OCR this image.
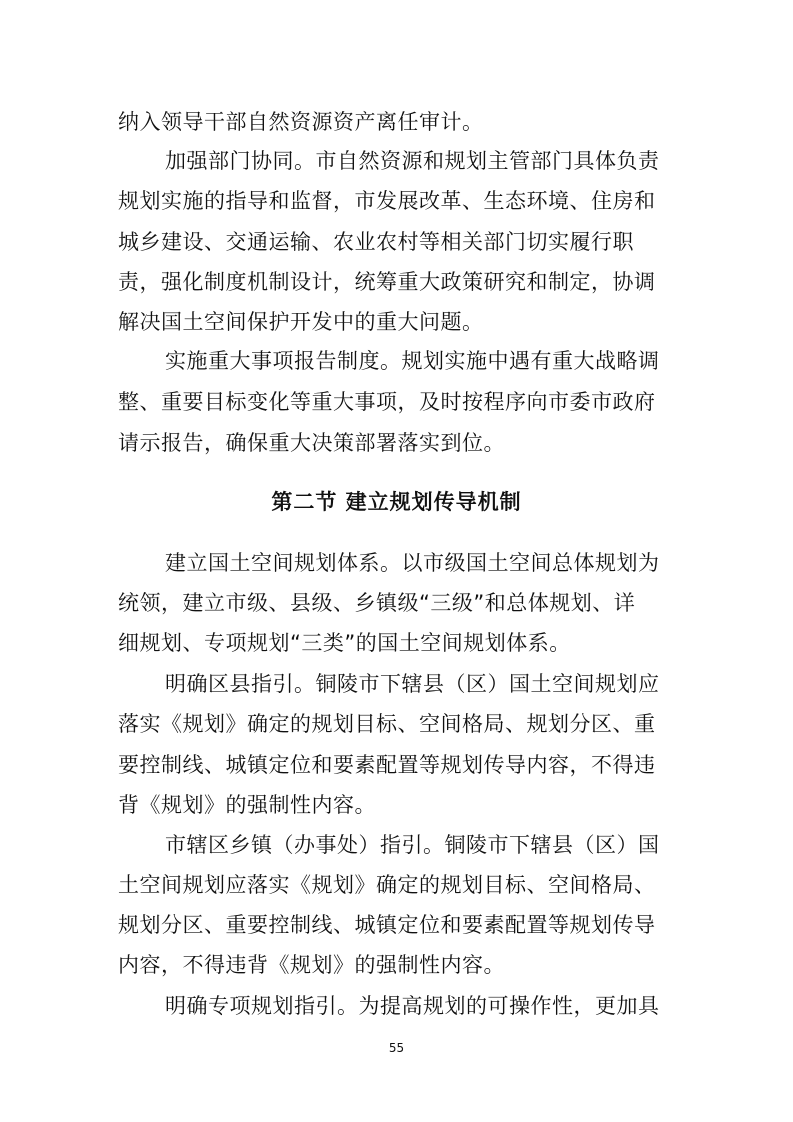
纳入领导干部自然资源资产离任审计。
加强部门协同。市自然资源和规划主管部门具体负责
规划实施的指导和监督，市发展改革、生态环境、住房和
城乡建设、交通运输、农业农村等相关部门切实履行职
责，强化制度机制设计，统筹重大政策研究和制定，协调
解决国土空间保护开发中的重大问题。
实施重大事项报告制度。规划实施中遇有重大战略调
整、重要目标变化等重大事项，及时按程序向市委市政府
请示报告，确保重大决策部署落实到位。
第二节 建立规划传导机制
建立国土空间规划体系。以市级国土空间总体规划为
统领，建立市级、县级、乡镇级“三级”和总体规划、详
细规划、专项规划“三类”的国土空间规划体系。
明确区县指引。铜陵市下辖县（区）国土空间规划应
落实《规划》确定的规划目标、空间格局、规划分区、重
要控制线、城镇定位和要素配置等规划传导内容，不得违
背《规划》的强制性内容。
市辖区乡镇（办事处）指引。铜陵市下辖县（区）国
土空间规划应落实《规划》确定的规划目标、空间格局、
规划分区、重要控制线、城镇定位和要素配置等规划传导
内容，不得违背《规划》的强制性内容。
明确专项规划指引。为提高规划的可操作性，更加具
55
